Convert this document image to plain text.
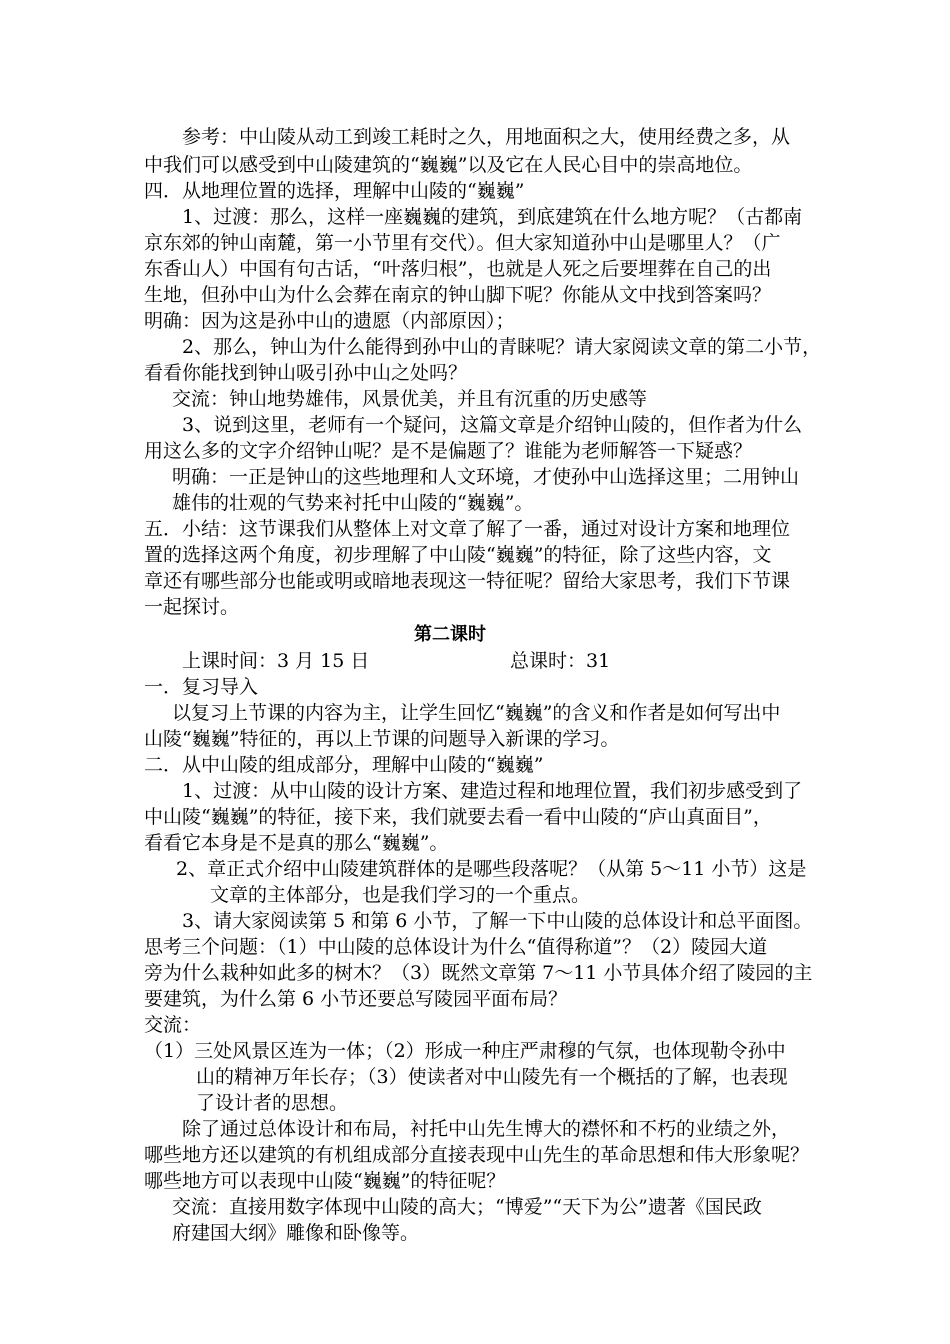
参考：中山陵从动工到竣工耗时之久，用地面积之大，使用经费之多，从
中我们可以感受到中山陵建筑的“巍巍”以及它在人民心目中的崇高地位。
四．从地理位置的选择，理解中山陵的“巍巍”
1、过渡：那么，这样一座巍巍的建筑，到底建筑在什么地方呢？（古都南
京东郊的钟山南麓，第一小节里有交代）。但大家知道孙中山是哪里人？（广
东香山人）中国有句古话，“叶落归根”，也就是人死之后要埋葬在自己的出
生地，但孙中山为什么会葬在南京的钟山脚下呢？你能从文中找到答案吗？
明确：因为这是孙中山的遗愿（内部原因）；
2、那么，钟山为什么能得到孙中山的青睐呢？请大家阅读文章的第二小节，
看看你能找到钟山吸引孙中山之处吗？
交流：钟山地势雄伟，风景优美，并且有沉重的历史感等
3、说到这里，老师有一个疑问，这篇文章是介绍钟山陵的，但作者为什么
用这么多的文字介绍钟山呢？是不是偏题了？谁能为老师解答一下疑惑？
明确：一正是钟山的这些地理和人文环境，才使孙中山选择这里；二用钟山
雄伟的壮观的气势来衬托中山陵的“巍巍”。
五．小结：这节课我们从整体上对文章了解了一番，通过对设计方案和地理位
置的选择这两个角度，初步理解了中山陵“巍巍”的特征，除了这些内容，文
章还有哪些部分也能或明或暗地表现这一特征呢？留给大家思考，我们下节课
一起探讨。
第二课时
上课时间：3 月 15 日	总课时：31
一．复习导入
以复习上节课的内容为主，让学生回忆“巍巍”的含义和作者是如何写出中
山陵“巍巍”特征的，再以上节课的问题导入新课的学习。
二．从中山陵的组成部分，理解中山陵的“巍巍”
1、过渡：从中山陵的设计方案、建造过程和地理位置，我们初步感受到了
中山陵“巍巍”的特征，接下来，我们就要去看一看中山陵的“庐山真面目”，
看看它本身是不是真的那么“巍巍”。
2、章正式介绍中山陵建筑群体的是哪些段落呢？（从第 5～11 小节）这是
文章的主体部分，也是我们学习的一个重点。
3、请大家阅读第 5 和第 6 小节，了解一下中山陵的总体设计和总平面图。
思考三个问题：（1）中山陵的总体设计为什么“值得称道”？（2）陵园大道
旁为什么栽种如此多的树木？（3）既然文章第 7～11 小节具体介绍了陵园的主
要建筑，为什么第 6 小节还要总写陵园平面布局？
交流：
（1）三处风景区连为一体；（2）形成一种庄严肃穆的气氛，也体现勒令孙中
山的精神万年长存；（3）使读者对中山陵先有一个概括的了解，也表现
了设计者的思想。
除了通过总体设计和布局，衬托中山先生博大的襟怀和不朽的业绩之外，
哪些地方还以建筑的有机组成部分直接表现中山先生的革命思想和伟大形象呢？
哪些地方可以表现中山陵“巍巍”的特征呢？
交流：直接用数字体现中山陵的高大；“博爱”“天下为公”遗著《国民政
府建国大纲》雕像和卧像等。
